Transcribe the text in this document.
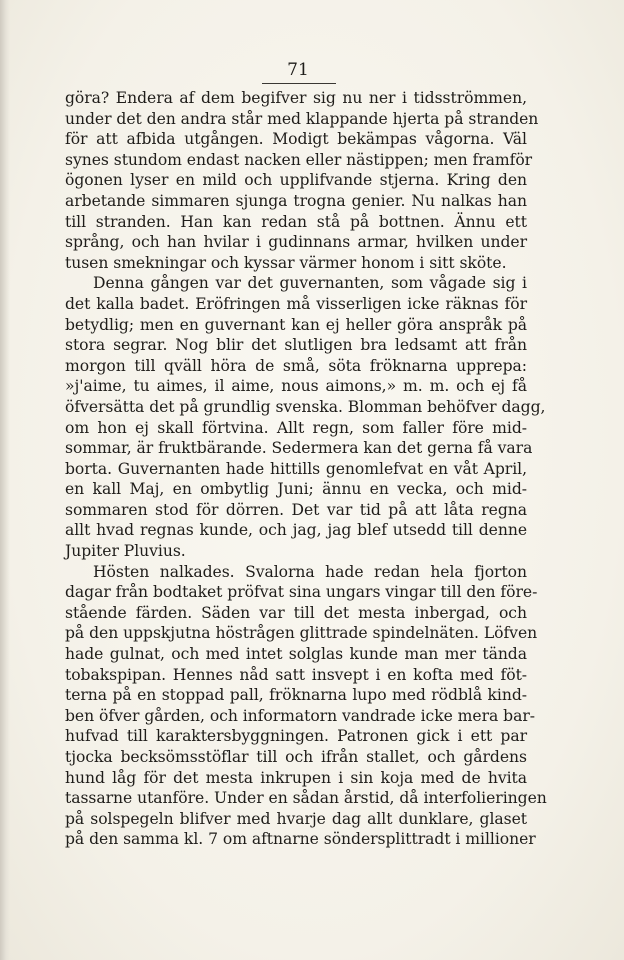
71
göra? Endera af dem begifver sig nu ner i tidsströmmen,
under det den andra står med klappande hjerta på stranden
för att afbida utgången. Modigt bekämpas vågorna. Väl
synes stundom endast nacken eller nästippen; men framför
ögonen lyser en mild och upplifvande stjerna. Kring den
arbetande simmaren sjunga trogna genier. Nu nalkas han
till stranden. Han kan redan stå på bottnen. Ännu ett
språng, och han hvilar i gudinnans armar, hvilken under
tusen smekningar och kyssar värmer honom i sitt sköte.
Denna gången var det guvernanten, som vågade sig i
det kalla badet. Eröfringen må visserligen icke räknas för
betydlig; men en guvernant kan ej heller göra anspråk på
stora segrar. Nog blir det slutligen bra ledsamt att från
morgon till qväll höra de små, söta fröknarna upprepa:
»j'aime, tu aimes, il aime, nous aimons,» m. m. och ej få
öfversätta det på grundlig svenska. Blomman behöfver dagg,
om hon ej skall förtvina. Allt regn, som faller före mid-
sommar, är fruktbärande. Sedermera kan det gerna få vara
borta. Guvernanten hade hittills genomlefvat en våt April,
en kall Maj, en ombytlig Juni; ännu en vecka, och mid-
sommaren stod för dörren. Det var tid på att låta regna
allt hvad regnas kunde, och jag, jag blef utsedd till denne
Jupiter Pluvius.
Hösten nalkades. Svalorna hade redan hela fjorton
dagar från bodtaket pröfvat sina ungars vingar till den före-
stående färden. Säden var till det mesta inbergad, och
på den uppskjutna höstrågen glittrade spindelnäten. Löfven
hade gulnat, och med intet solglas kunde man mer tända
tobakspipan. Hennes nåd satt insvept i en kofta med föt-
terna på en stoppad pall, fröknarna lupo med rödblå kind-
ben öfver gården, och informatorn vandrade icke mera bar-
hufvad till karaktersbyggningen. Patronen gick i ett par
tjocka becksömsstöflar till och ifrån stallet, och gårdens
hund låg för det mesta inkrupen i sin koja med de hvita
tassarne utanföre. Under en sådan årstid, då interfolieringen
på solspegeln blifver med hvarje dag allt dunklare, glaset
på den samma kl. 7 om aftnarne söndersplittradt i millioner
